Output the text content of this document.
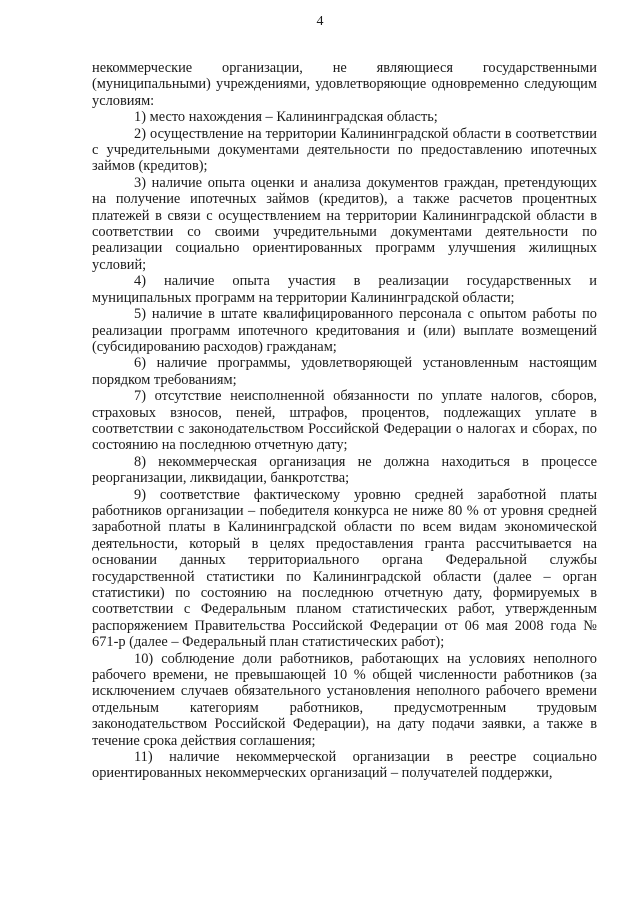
4

некоммерческие организации, не являющиеся государственными (муниципальными) учреждениями, удовлетворяющие одновременно следующим условиям:

1) место нахождения – Калининградская область;

2) осуществление на территории Калининградской области в соответствии с учредительными документами деятельности по предоставлению ипотечных займов (кредитов);

3) наличие опыта оценки и анализа документов граждан, претендующих на получение ипотечных займов (кредитов), а также расчетов процентных платежей в связи с осуществлением на территории Калининградской области в соответствии со своими учредительными документами деятельности по реализации социально ориентированных программ улучшения жилищных условий;

4) наличие опыта участия в реализации государственных и муниципальных программ на территории Калининградской области;

5) наличие в штате квалифицированного персонала с опытом работы по реализации программ ипотечного кредитования и (или) выплате возмещений (субсидированию расходов) гражданам;

6) наличие программы, удовлетворяющей установленным настоящим порядком требованиям;

7) отсутствие неисполненной обязанности по уплате налогов, сборов, страховых взносов, пеней, штрафов, процентов, подлежащих уплате в соответствии с законодательством Российской Федерации о налогах и сборах, по состоянию на последнюю отчетную дату;

8) некоммерческая организация не должна находиться в процессе реорганизации, ликвидации, банкротства;

9) соответствие фактическому уровню средней заработной платы работников организации – победителя конкурса не ниже 80 % от уровня средней заработной платы в Калининградской области по всем видам экономической деятельности, который в целях предоставления гранта рассчитывается на основании данных территориального органа Федеральной службы государственной статистики по Калининградской области (далее – орган статистики) по состоянию на последнюю отчетную дату, формируемых в соответствии с Федеральным планом статистических работ, утвержденным распоряжением Правительства Российской Федерации от 06 мая 2008 года № 671-р (далее – Федеральный план статистических работ);

10) соблюдение доли работников, работающих на условиях неполного рабочего времени, не превышающей 10 % общей численности работников (за исключением случаев обязательного установления неполного рабочего времени отдельным категориям работников, предусмотренным трудовым законодательством Российской Федерации), на дату подачи заявки, а также в течение срока действия соглашения;

11) наличие некоммерческой организации в реестре социально ориентированных некоммерческих организаций – получателей поддержки,
